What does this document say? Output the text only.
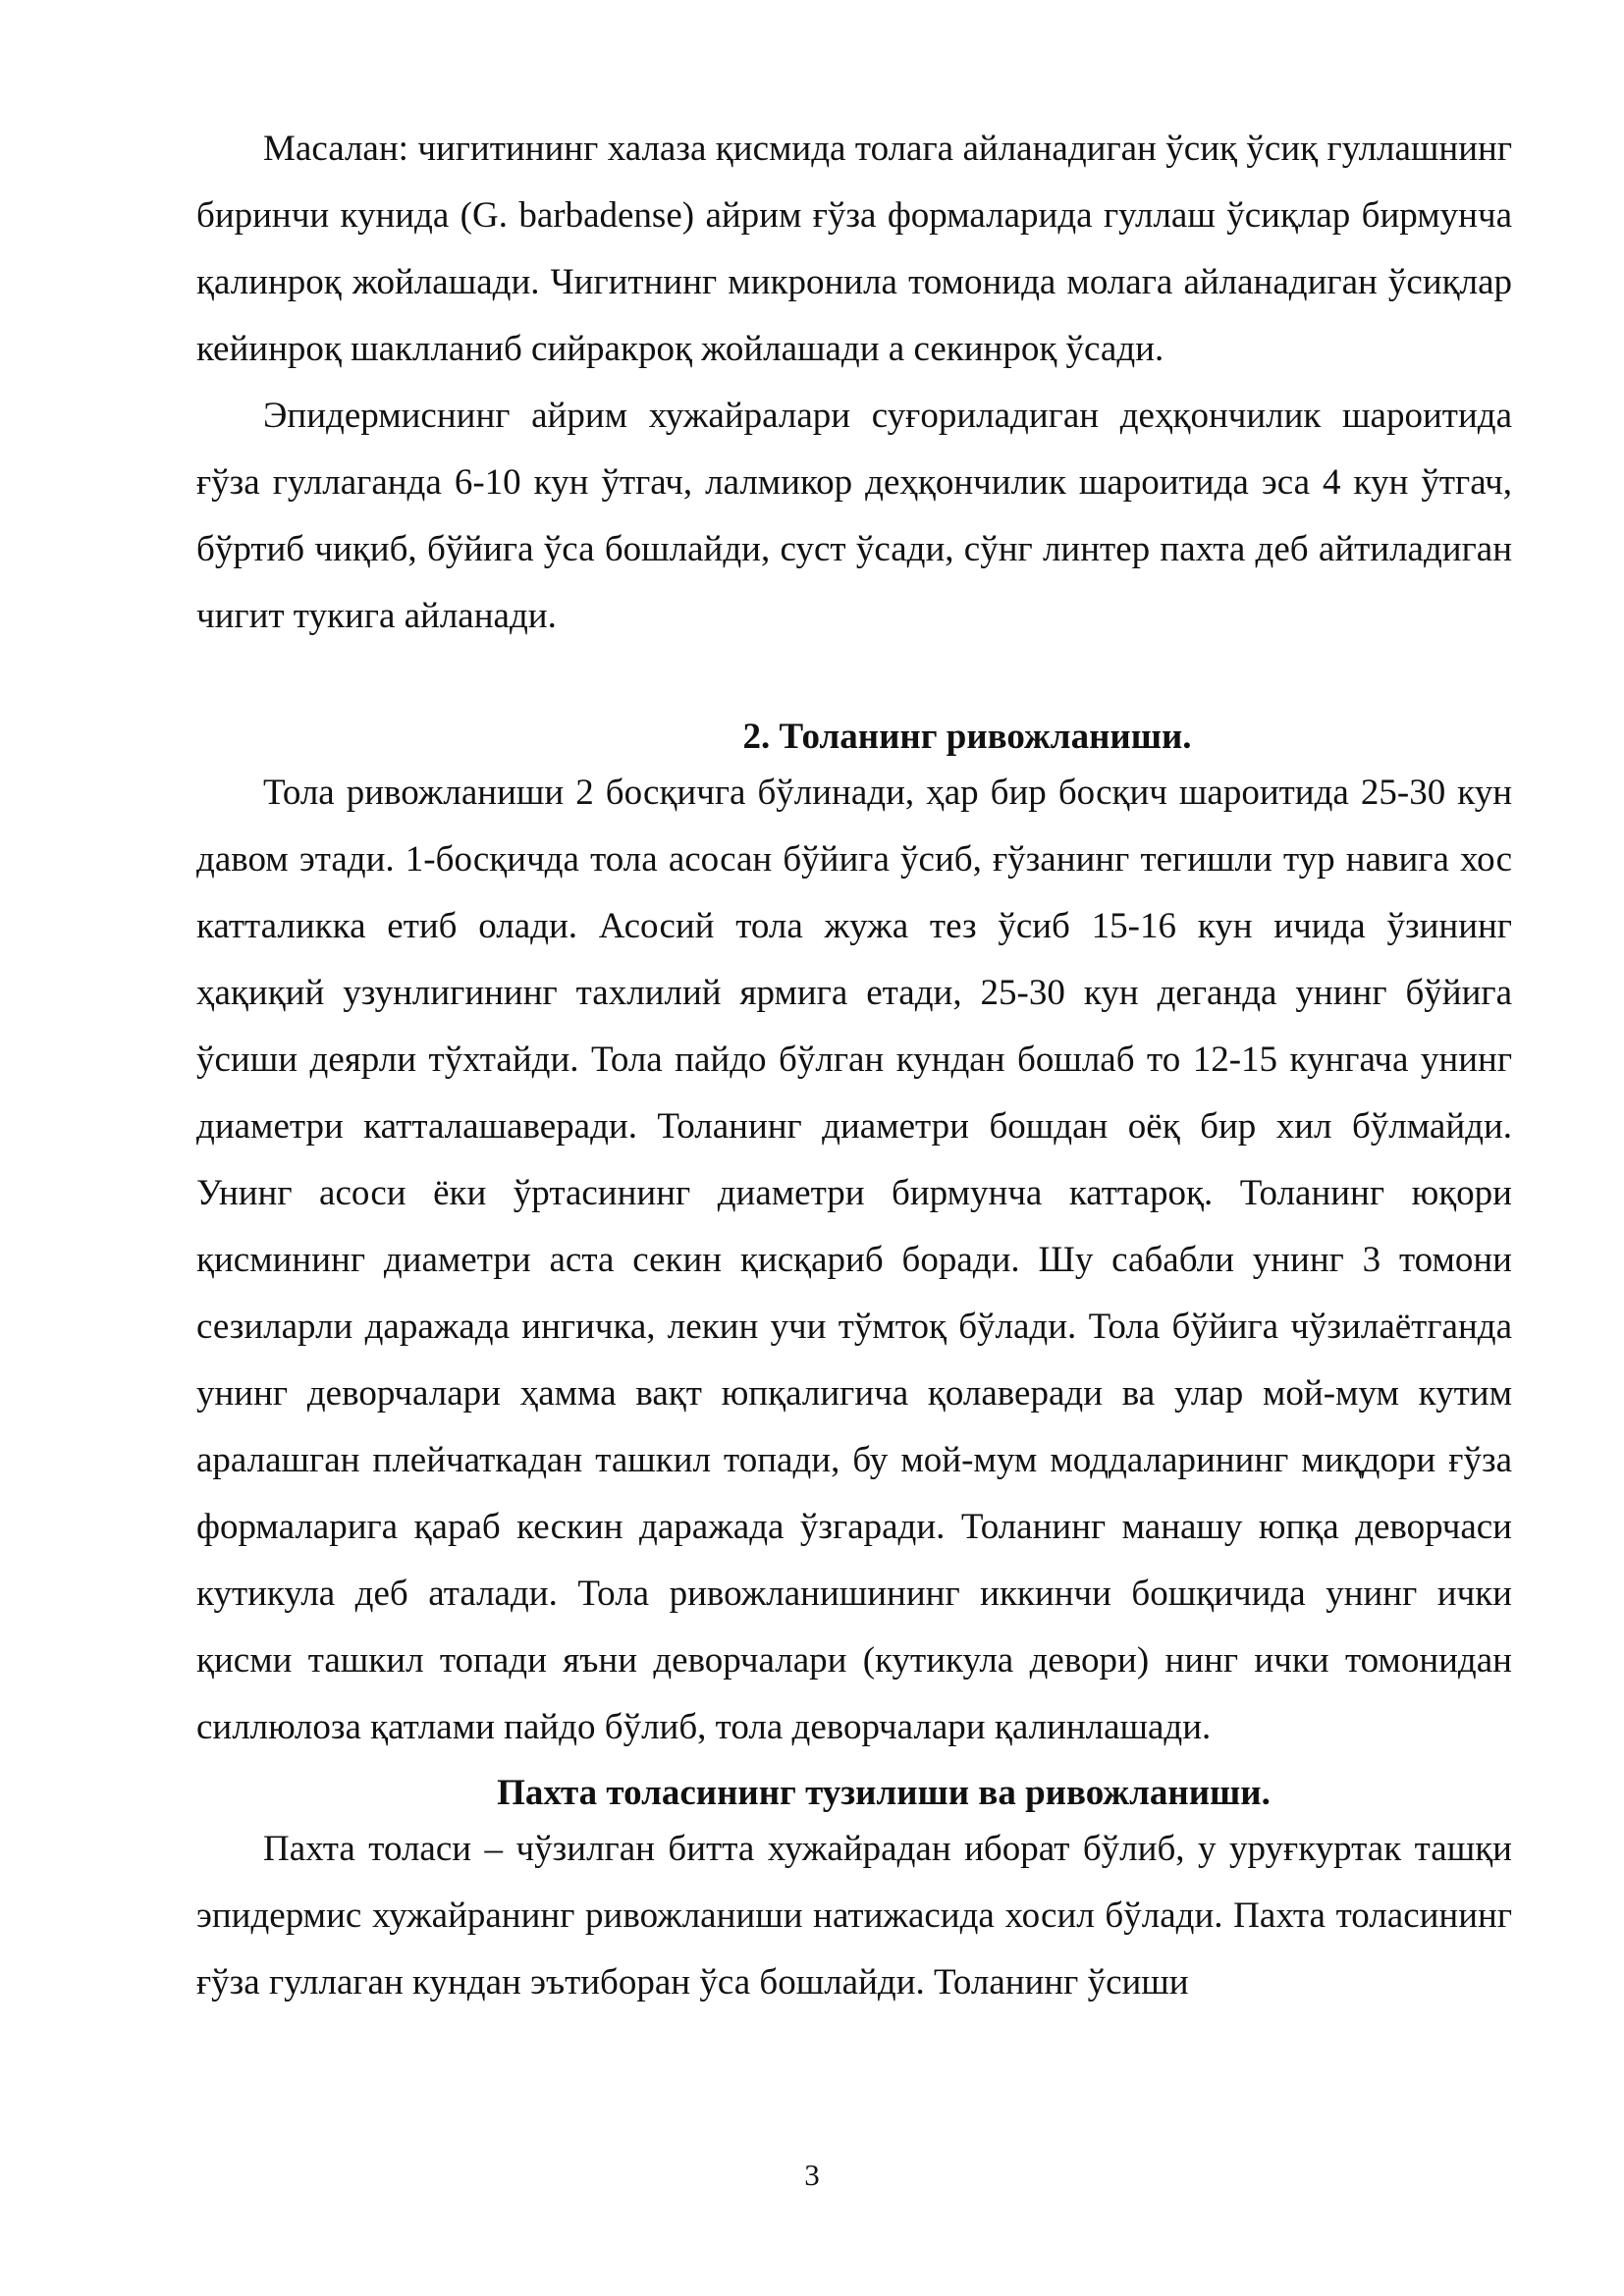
Масалан: чигитининг халаза қисмида толага айланадиган ўсиқ ўсиқ гуллашнинг биринчи кунида (G. barbadense) айрим ғўза формаларида гуллаш ўсиқлар бирмунча қалинроқ жойлашади. Чигитнинг микронила томонида молага айланадиган ўсиқлар кейинроқ шаклланиб сийракроқ жойлашади а секинроқ ўсади.

Эпидермиснинг айрим хужайралари суғориладиган деҳқончилик шароитида ғўза гуллаганда 6-10 кун ўтгач, лалмикор деҳқончилик шароитида эса 4 кун ўтгач, бўртиб чиқиб, бўйига ўса бошлайди, суст ўсади, сўнг линтер пахта деб айтиладиган чигит тукига айланади.

2. Толанинг ривожланиши.

Тола ривожланиши 2 босқичга бўлинади, ҳар бир босқич шароитида 25-30 кун давом этади. 1-босқичда тола асосан бўйига ўсиб, ғўзанинг тегишли тур навига хос катталикка етиб олади. Асосий тола жужа тез ўсиб 15-16 кун ичида ўзининг ҳақиқий узунлигининг тахлилий ярмига етади, 25-30 кун деганда унинг бўйига ўсиши деярли тўхтайди. Тола пайдо бўлган кундан бошлаб то 12-15 кунгача унинг диаметри катталашаверади. Толанинг диаметри бошдан оёқ бир хил бўлмайди. Унинг асоси ёки ўртасининг диаметри бирмунча каттароқ. Толанинг юқори қисмининг диаметри аста секин қисқариб боради. Шу сабабли унинг 3 томони сезиларли даражада ингичка, лекин учи тўмтоқ бўлади. Тола бўйига чўзилаётганда унинг деворчалари ҳамма вақт юпқалигича қолаверади ва улар мой-мум кутим аралашган плейчаткадан ташкил топади, бу мой-мум моддаларининг миқдори ғўза формаларига қараб кескин даражада ўзгаради. Толанинг манашу юпқа деворчаси кутикула деб аталади. Тола ривожланишининг иккинчи бошқичида унинг ички қисми ташкил топади яъни деворчалари (кутикула девори) нинг ички томонидан силлюлоза қатлами пайдо бўлиб, тола деворчалари қалинлашади.

Пахта толасининг тузилиши ва ривожланиши.

Пахта толаси – чўзилган битта хужайрадан иборат бўлиб, у уруғкуртак ташқи эпидермис хужайранинг ривожланиши натижасида хосил бўлади. Пахта толасининг ғўза гуллаган кундан эътиборан ўса бошлайди. Толанинг ўсиши

3
